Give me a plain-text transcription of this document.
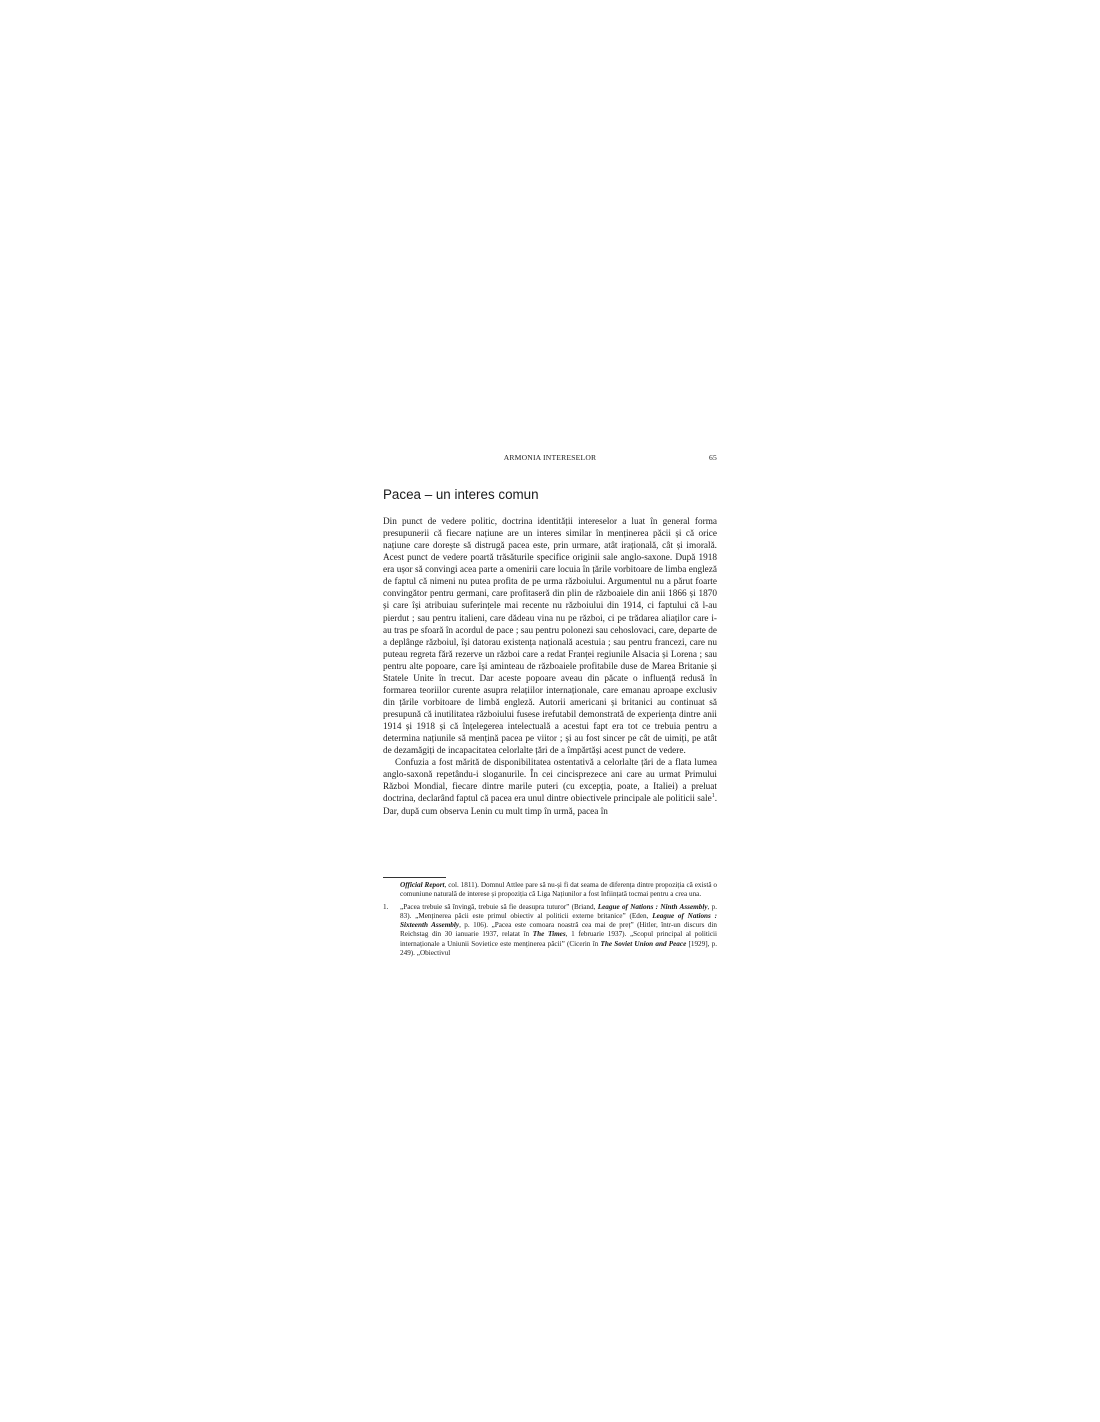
ARMONIA INTERESELOR	65
Pacea – un interes comun

Din punct de vedere politic, doctrina identității intereselor a luat în general forma presupunerii că fiecare națiune are un interes similar în menținerea păcii și că orice națiune care dorește să distrugă pacea este, prin urmare, atât irațională, cât și imorală. Acest punct de vedere poartă trăsăturile specifice originii sale anglo-saxone. După 1918 era ușor să convingi acea parte a omenirii care locuia în țările vorbitoare de limba engleză de faptul că nimeni nu putea profita de pe urma războiului. Argumentul nu a părut foarte convingător pentru germani, care profitaseră din plin de războaiele din anii 1866 și 1870 și care își atribuiau suferințele mai recente nu războiului din 1914, ci faptului că l-au pierdut ; sau pentru italieni, care dădeau vina nu pe război, ci pe trădarea aliaților care i-au tras pe sfoară în acordul de pace ; sau pentru polonezi sau cehoslovaci, care, departe de a deplânge războiul, își datorau existența națională acestuia ; sau pentru francezi, care nu puteau regreta fără rezerve un război care a redat Franței regiunile Alsacia și Lorena ; sau pentru alte popoare, care își aminteau de războaiele profitabile duse de Marea Britanie și Statele Unite în trecut. Dar aceste popoare aveau din păcate o influență redusă în formarea teoriilor curente asupra relațiilor internaționale, care emanau aproape exclusiv din țările vorbitoare de limbă engleză. Autorii americani și britanici au continuat să presupună că inutilitatea războiului fusese irefutabil demonstrată de experiența dintre anii 1914 și 1918 și că înțelegerea intelectuală a acestui fapt era tot ce trebuia pentru a determina națiunile să mențină pacea pe viitor ; și au fost sincer pe cât de uimiți, pe atât de dezamăgiți de incapacitatea celorlalte țări de a împărtăși acest punct de vedere.

Confuzia a fost mărită de disponibilitatea ostentativă a celorlalte țări de a flata lumea anglo-saxonă repetându-i sloganurile. În cei cincisprezece ani care au urmat Primului Război Mondial, fiecare dintre marile puteri (cu excepția, poate, a Italiei) a preluat doctrina, declarând faptul că pacea era unul dintre obiectivele principale ale politicii sale$^1$. Dar, după cum observa Lenin cu mult timp în urmă, pacea în

Official Report, col. 1811). Domnul Attlee pare să nu-și fi dat seama de diferența dintre propoziția că există o comuniune naturală de interese și propoziția că Liga Națiunilor a fost înființată tocmai pentru a crea una.
1. „Pacea trebuie să învingă, trebuie să fie deasupra tuturor” (Briand, League of Nations : Ninth Assembly, p. 83). „Menținerea păcii este primul obiectiv al politicii externe britanice” (Eden, League of Nations : Sixteenth Assembly, p. 106). „Pacea este comoara noastră cea mai de preț” (Hitler, într-un discurs din Reichstag din 30 ianuarie 1937, relatat în The Times, 1 februarie 1937). „Scopul principal al politicii internaționale a Uniunii Sovietice este menținerea păcii” (Cicerin în The Soviet Union and Peace [1929], p. 249). „Obiectivul
